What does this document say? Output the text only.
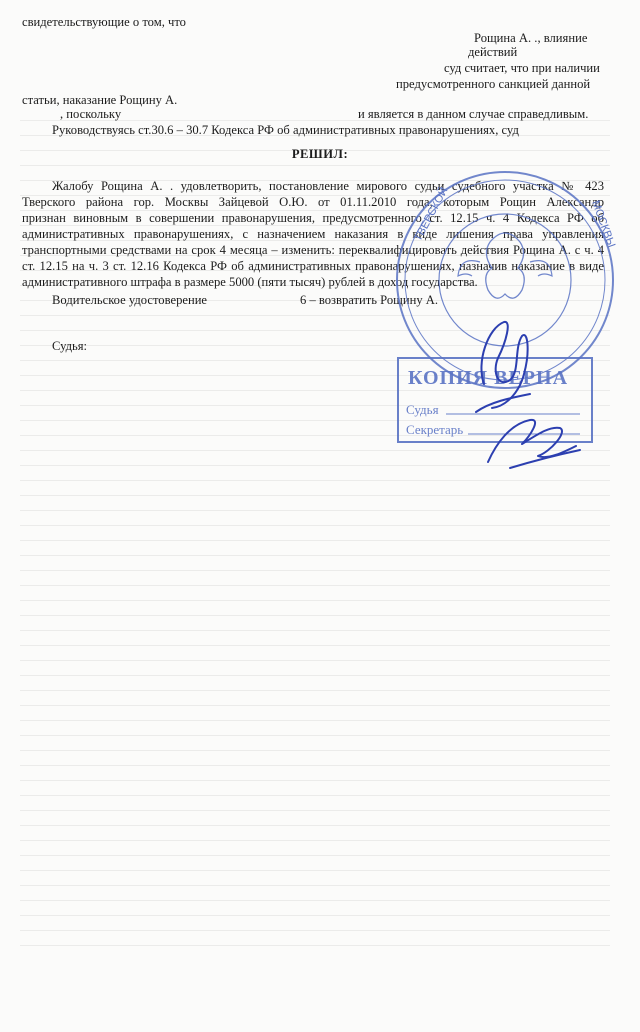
свидетельствующие о том, что
Рощина А. ., влияние
действий
суд считает, что при наличии
предусмотренного санкцией данной
статьи, наказание Рощину А.
, поскольку	и является в данном случае справедливым.
Руководствуясь ст.30.6 – 30.7 Кодекса РФ об административных правонарушениях, суд
РЕШИЛ:
Жалобу Рощина А. . удовлетворить, постановление мирового судьи судебного участка № 423
Тверского района гор. Москвы Зайцевой О.Ю. от 01.11.2010 года, которым Рощин Александр
признан виновным в совершении правонарушения, предусмотренного ст. 12.15 ч. 4 Кодекса РФ об
административных правонарушениях, с назначением наказания в виде лишения права управления
транспортными средствами на срок 4 месяца – изменить: переквалифицировать действия Рощина А. с ч. 4
ст. 12.15 на ч. 3 ст. 12.16 Кодекса РФ об административных правонарушениях, назначив наказание в виде
административного штрафа в размере 5000 (пяти тысяч) рублей в доход государства.
Водительское удостоверение	6 – возвратить Рощину А.
Судья:
ТВЕРСКОЙ	МОСКВЫ
КОПИЯ ВЕРНА
Судья
Секретарь
